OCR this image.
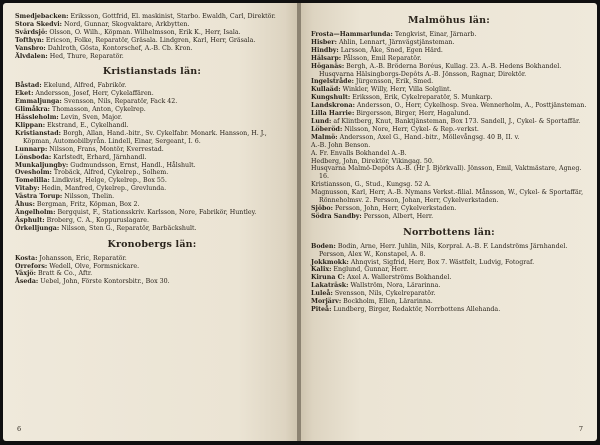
Smedjebacken: Eriksson, Gottfrid, El. maskinist, Starbo. Ewaldh, Carl, Direktör.

Stora Skedvi: Nord, Gunnar, Skogvaktare, Arkbytten.

Svärdsjö: Olsson, O. Wilh., Köpman. Wilhelmsson, Erik K., Herr, Isala.

Tofthyn: Ericson, Folke, Reparatör, Gräsala. Lindgren, Karl, Herr, Gräsala.

Vansbro: Dahlroth, Gösta, Kontorschef, A.-B. Cb. Kron.

Älvdalen: Hed, Thure, Reparatör.

Kristianstads län:

Båstad: Ekelund, Alfred, Fabrikör.

Eket: Andersson, Josef, Herr, Cykelaffären.

Emmaljunga: Svensson, Nils, Reparatör, Fack 42.

Glimåkra: Thomasson, Anton, Cykelrep.

Hässleholm: Levin, Sven, Major.

Klippan: Ekstrand, E., Cykelhandl.

Kristianstad: Borgh, Allan, Hand.-bitr., Sv. Cykelfabr. Monark. Hansson, H. J., Köpman, Automobilbyrån. Lindell, Einar, Sergeant, I. 6.

Lunnarp: Nilsson, Frans, Montör, Kverrestad.

Lönsboda: Karlstedt, Erhard, Järnhandl.

Munkaljungby: Gudmundsson, Ernst, Handl., Hålshult.

Ovesholm: Trobäck, Alfred, Cykelrep., Solhem.

Tomelilla: Lindkvist, Helge, Cykelrep., Box 55.

Vitaby: Hedin, Manfred, Cykelrep., Grevlunda.

Västra Torup: Nilsson, Thelin.

Åhus: Bergman, Fritz, Köpman, Box 2.

Ängelholm: Bergquist, F., Stationsskriv. Karlsson, Nore, Fabrikör, Huntley.

Äsphult: Broberg, C. A., Koppuruslagare.

Örkelljunga: Nilsson, Sten G., Reparatör, Barbäckshult.

Kronobergs län:

Kosta: Johansson, Eric, Reparatör.

Orrefors: Wedell, Olve, Formsnickare.

Växjö: Bratt & Co., Aftr.

Åseda: Uebel, John, Förste Kontorsbitr., Box 30.

6
Malmöhus län:

Frosta—Hammarlunda: Tengkvist, Einar, Järnarb.

Hisber: Ahlin, Lennart, Järnvägstjänsteman.

Hindby: Larsson, Åke, Sned, Egen Härd.

Hälsarp: Pålsson, Emil Reparatör.

Höganäs: Bergh, A.-B. Bröderna Boréus, Kullag. 23. A.-B. Hedens Bokhandel. Husqvarna Hälsingborgs-Depôts A.-B. Jönsson, Ragnar, Direktör.

Ingelstråde: Jürgensson, Erik, Smed.

Kullaäd: Winkler, Willy, Herr, Villa Solglint.

Kungshult: Eriksson, Erik, Cykelreparatör, S. Munkarp.

Landskrona: Andersson, O., Herr, Cykelhosp. Svea. Wennerholm, A., Posttjänsteman.

Lilla Harrie: Birgersson, Birger, Herr, Hagalund.

Lund: af Klintberg, Knut, Banktjänsteman, Box 173. Sandell, J., Cykel- & Sportaffär.

Löberöd: Nilsson, Nore, Herr, Cykel- & Rep.-verkst.

Malmö: Andersson, Axel G., Hand.-bitr., Möllevångsg. 40 B, II. v.

A.-B. John Benson.

A. Fr. Envalls Bokhandel A.-B.

Hedberg, John, Direktör, Vikingag. 50.

Husqvarna Malmö-Depôts A.-B. (Hr J. Björkvall). Jönsson, Emil, Vaktmästare, Agneg. 16.

Kristiansson, G., Stud., Kungsg. 52 A.

Magnusson, Karl, Herr, A.-B. Nymans Verkst.-filial. Månsson, W., Cykel- & Sportaffär, Rönneholmsv. 2. Persson, Johan, Herr, Cykelverkstaden.

Sjöbo: Persson, John, Herr, Cykelverkstaden.

Södra Sandby: Persson, Albert, Herr.

Norrbottens län:

Boden: Bodin, Arne, Herr. Juhlin, Nils, Korpral. A.-B. F. Landströms Järnhandel. Persson, Alex W., Konstapel, A. 8.

Jokkmokk: Ahnqvist, Sigfrid, Herr, Box 7. Wästfelt, Ludvig, Fotograf.

Kalix: Englund, Gunnar, Herr.

Kiruna C: Axel A. Wallerströms Bokhandel.

Lakaträsk: Wallström, Nora, Lärarinna.

Luleå: Svensson, Nils, Cykelreparatör.

Morjärv: Bockholm, Ellen, Lärarinna.

Piteå: Lundberg, Birger, Redaktör, Norrbottens Allehanda.

7
